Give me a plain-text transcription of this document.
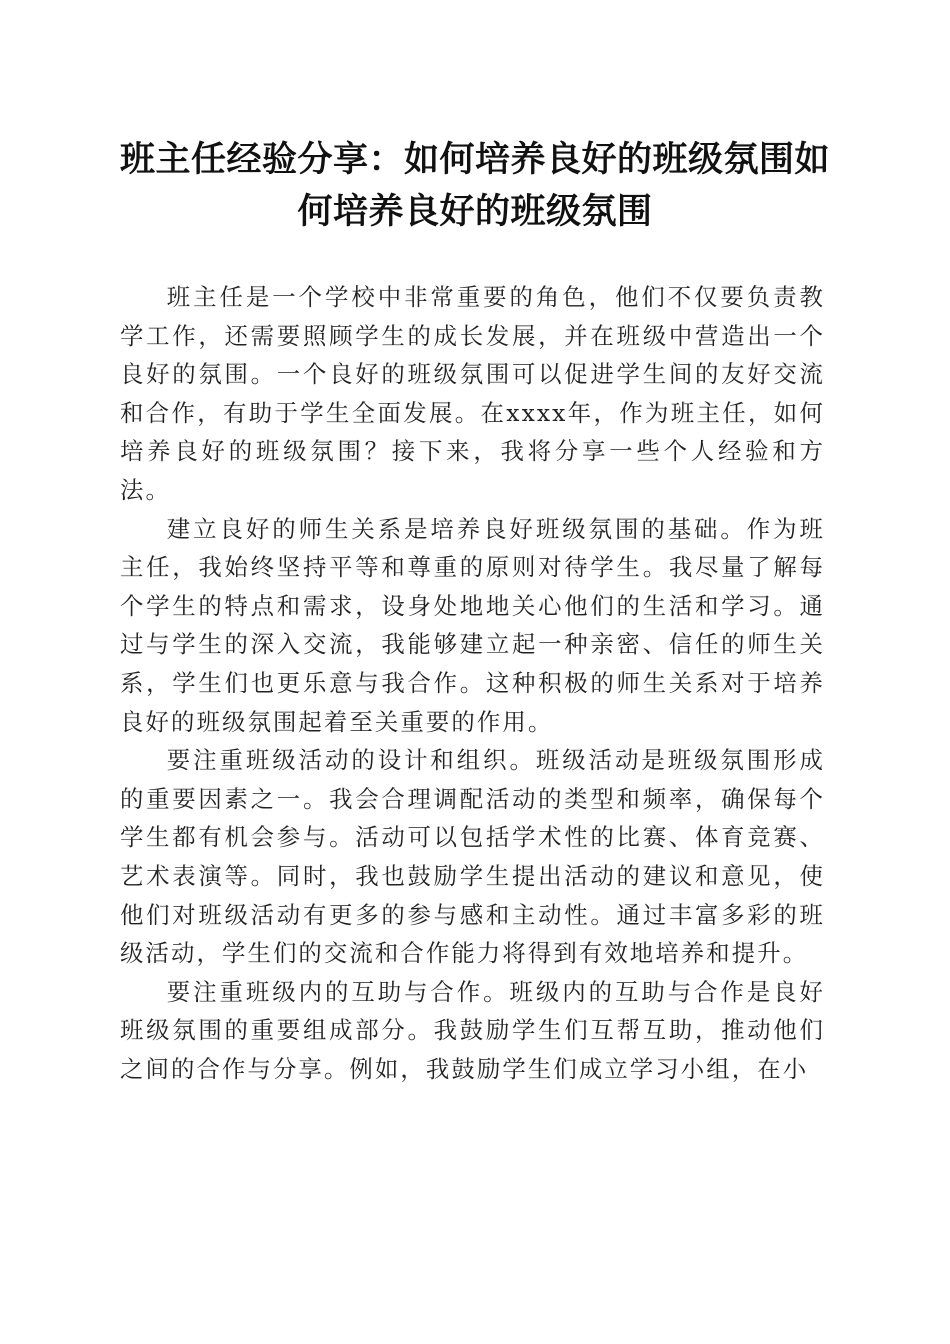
班主任经验分享：如何培养良好的班级氛围如何培养良好的班级氛围

班主任是一个学校中非常重要的角色，他们不仅要负责教学工作，还需要照顾学生的成长发展，并在班级中营造出一个良好的氛围。一个良好的班级氛围可以促进学生间的友好交流和合作，有助于学生全面发展。在xxxx年，作为班主任，如何培养良好的班级氛围？接下来，我将分享一些个人经验和方法。

建立良好的师生关系是培养良好班级氛围的基础。作为班主任，我始终坚持平等和尊重的原则对待学生。我尽量了解每个学生的特点和需求，设身处地地关心他们的生活和学习。通过与学生的深入交流，我能够建立起一种亲密、信任的师生关系，学生们也更乐意与我合作。这种积极的师生关系对于培养良好的班级氛围起着至关重要的作用。

要注重班级活动的设计和组织。班级活动是班级氛围形成的重要因素之一。我会合理调配活动的类型和频率，确保每个学生都有机会参与。活动可以包括学术性的比赛、体育竞赛、艺术表演等。同时，我也鼓励学生提出活动的建议和意见，使他们对班级活动有更多的参与感和主动性。通过丰富多彩的班级活动，学生们的交流和合作能力将得到有效地培养和提升。

要注重班级内的互助与合作。班级内的互助与合作是良好班级氛围的重要组成部分。我鼓励学生们互帮互助，推动他们之间的合作与分享。例如，我鼓励学生们成立学习小组，在小
